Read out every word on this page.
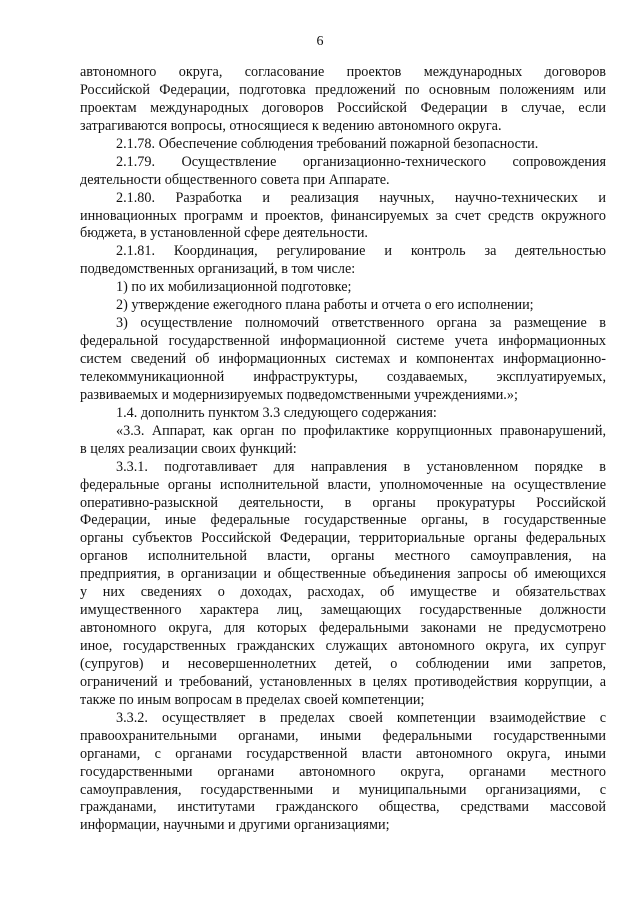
6
автономного округа, согласование проектов международных договоров
Российской Федерации, подготовка предложений по основным положениям или
проектам международных договоров Российской Федерации в случае, если
затрагиваются вопросы, относящиеся к ведению автономного округа.
2.1.78. Обеспечение соблюдения требований пожарной безопасности.
2.1.79. Осуществление организационно-технического сопровождения
деятельности общественного совета при Аппарате.
2.1.80. Разработка и реализация научных, научно-технических и
инновационных программ и проектов, финансируемых за счет средств окружного
бюджета, в установленной сфере деятельности.
2.1.81. Координация, регулирование и контроль за деятельностью
подведомственных организаций, в том числе:
1) по их мобилизационной подготовке;
2) утверждение ежегодного плана работы и отчета о его исполнении;
3) осуществление полномочий ответственного органа за размещение в
федеральной государственной информационной системе учета информационных
систем сведений об информационных системах и компонентах информационно-
телекоммуникационной инфраструктуры, создаваемых, эксплуатируемых,
развиваемых и модернизируемых подведомственными учреждениями.»;
1.4. дополнить пунктом 3.3 следующего содержания:
«3.3. Аппарат, как орган по профилактике коррупционных правонарушений,
в целях реализации своих функций:
3.3.1. подготавливает для направления в установленном порядке в
федеральные органы исполнительной власти, уполномоченные на осуществление
оперативно-разыскной деятельности, в органы прокуратуры Российской
Федерации, иные федеральные государственные органы, в государственные
органы субъектов Российской Федерации, территориальные органы федеральных
органов исполнительной власти, органы местного самоуправления, на
предприятия, в организации и общественные объединения запросы об имеющихся
у них сведениях о доходах, расходах, об имуществе и обязательствах
имущественного характера лиц, замещающих государственные должности
автономного округа, для которых федеральными законами не предусмотрено
иное, государственных гражданских служащих автономного округа, их супруг
(супругов) и несовершеннолетних детей, о соблюдении ими запретов,
ограничений и требований, установленных в целях противодействия коррупции, а
также по иным вопросам в пределах своей компетенции;
3.3.2. осуществляет в пределах своей компетенции взаимодействие с
правоохранительными органами, иными федеральными государственными
органами, с органами государственной власти автономного округа, иными
государственными органами автономного округа, органами местного
самоуправления, государственными и муниципальными организациями, с
гражданами, институтами гражданского общества, средствами массовой
информации, научными и другими организациями;
